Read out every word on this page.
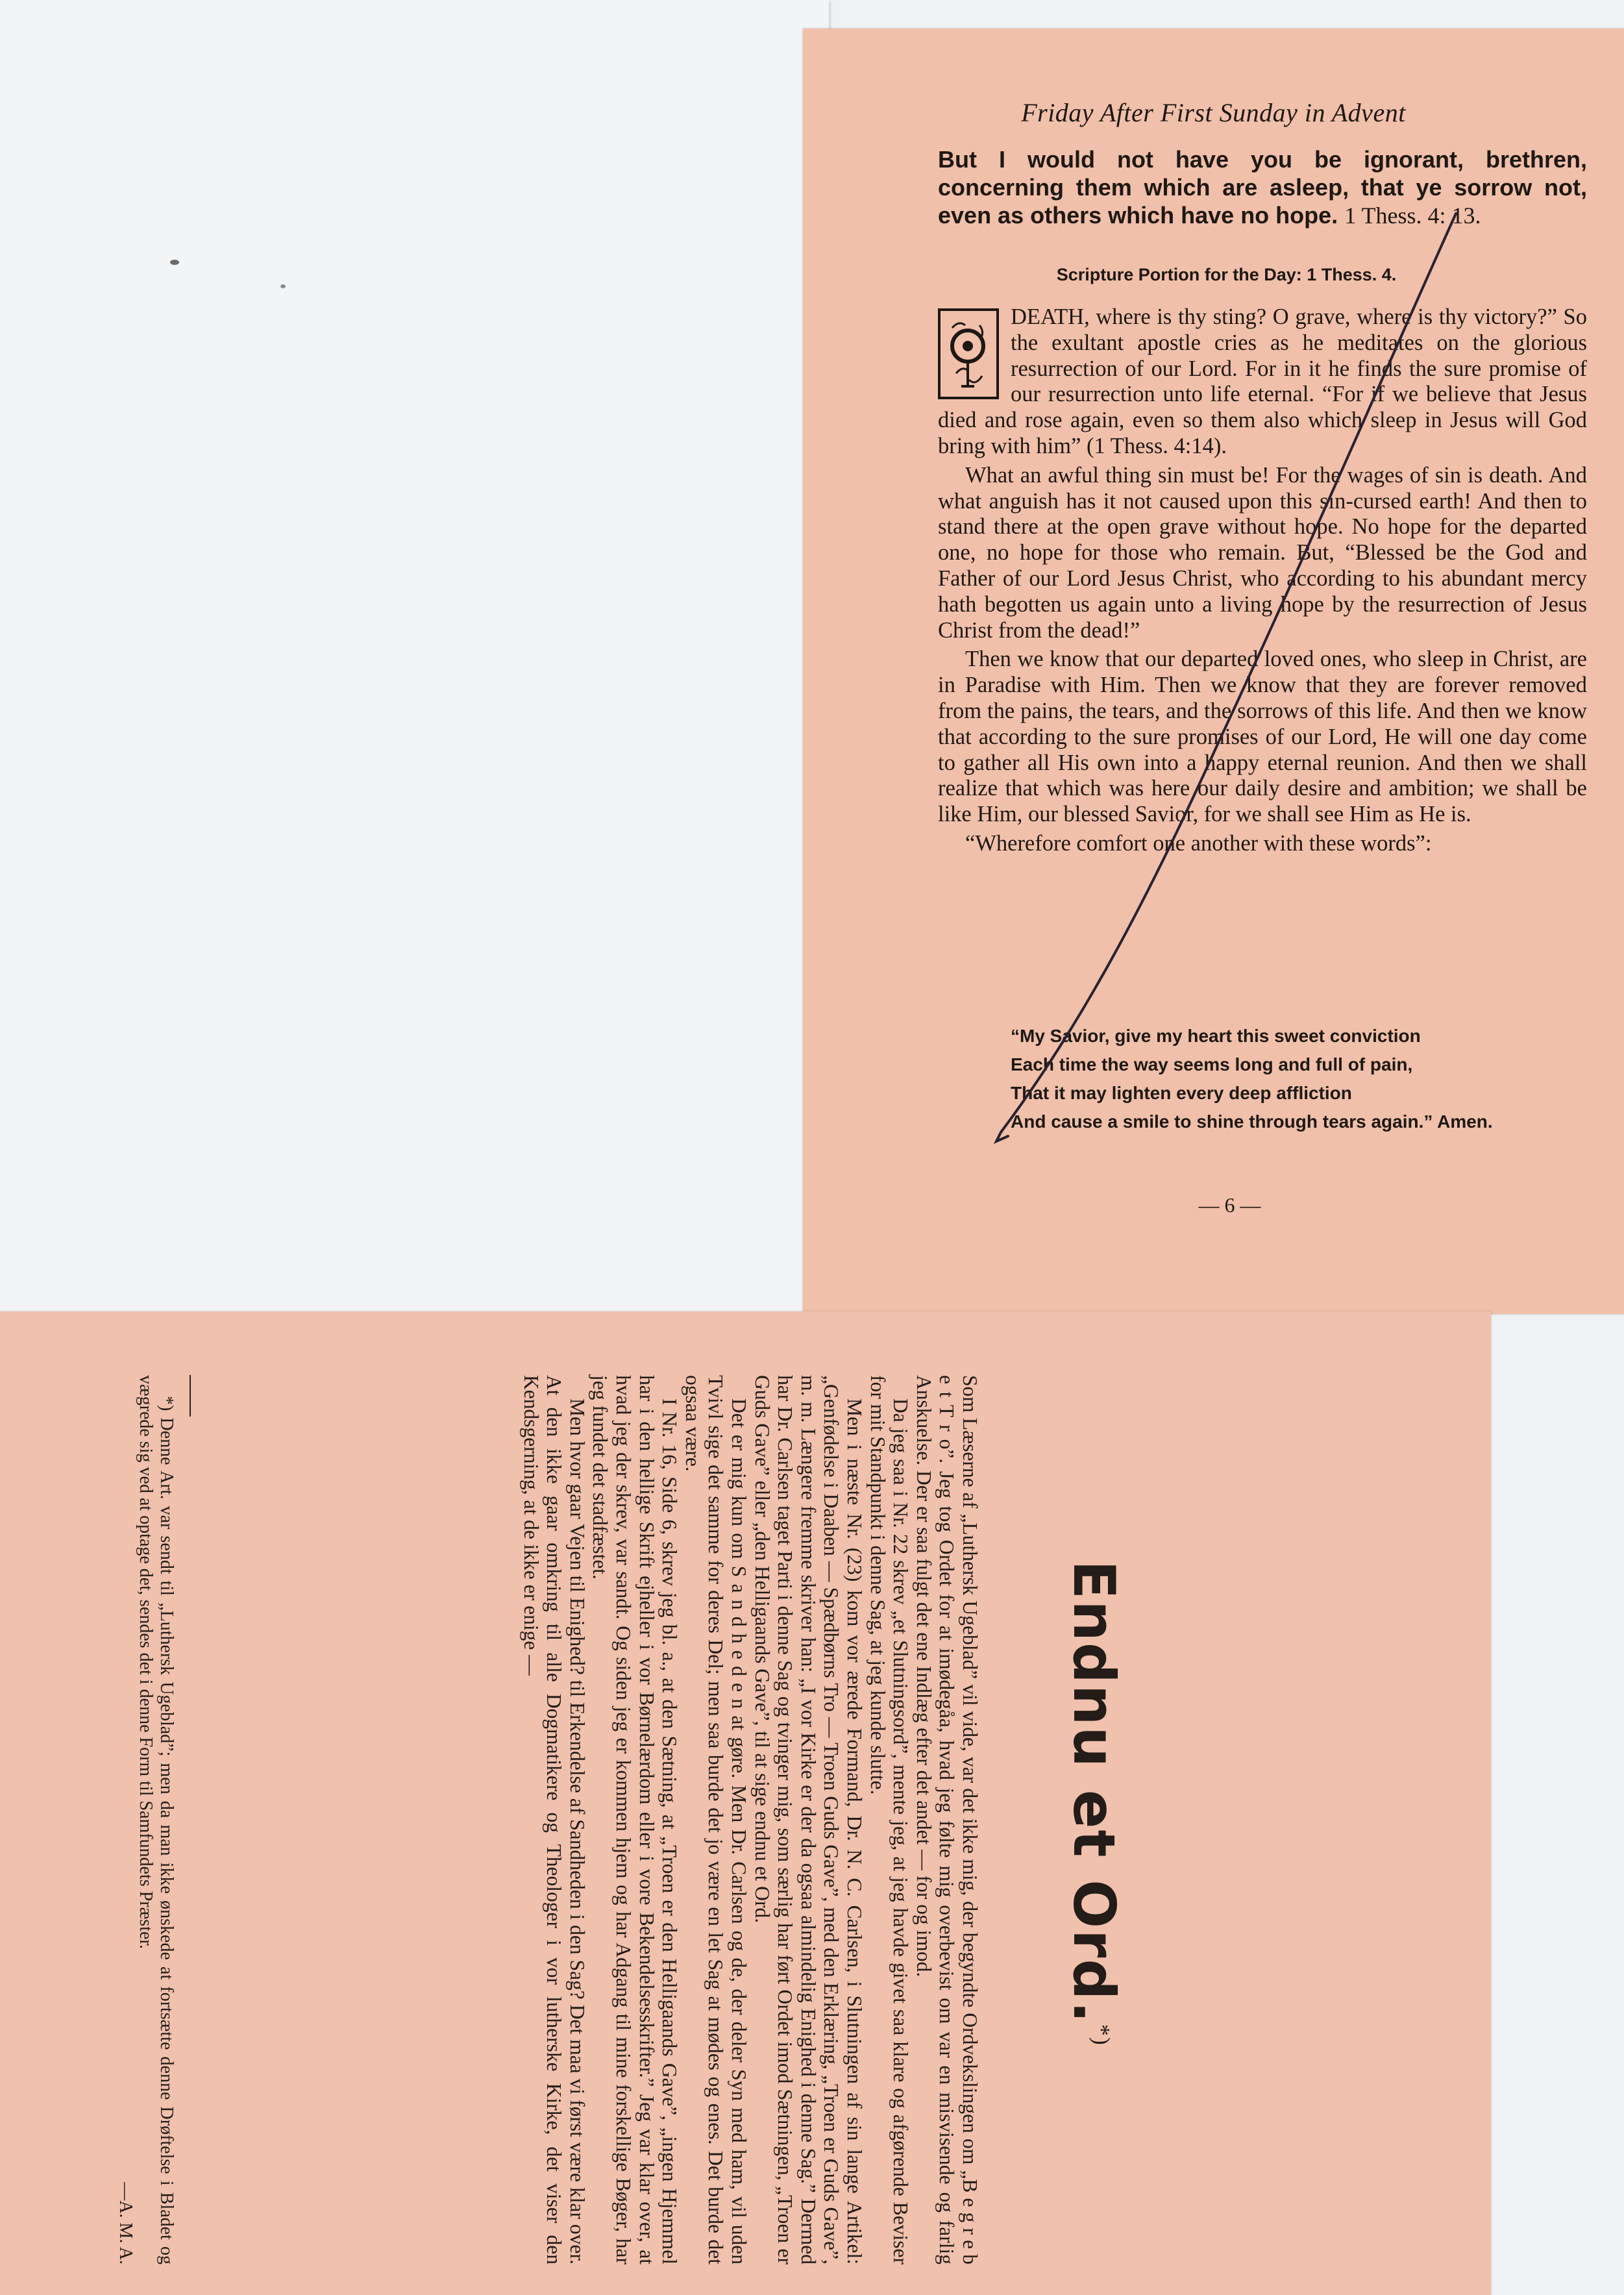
Friday After First Sunday in Advent
But I would not have you be ignorant, brethren, concerning them which are asleep, that ye sorrow not, even as others which have no hope. 1 Thess. 4: 13.
Scripture Portion for the Day: 1 Thess. 4.

DEATH, where is thy sting? O grave, where is thy victory?” So the exultant apostle cries as he meditates on the glorious resurrection of our Lord. For in it he finds the sure promise of our resurrection unto life eternal. “For if we believe that Jesus died and rose again, even so them also which sleep in Jesus will God bring with him” (1 Thess. 4:14).

What an awful thing sin must be! For the wages of sin is death. And what anguish has it not caused upon this sin-cursed earth! And then to stand there at the open grave without hope. No hope for the departed one, no hope for those who remain. But, “Blessed be the God and Father of our Lord Jesus Christ, who according to his abundant mercy hath begotten us again unto a living hope by the resurrection of Jesus Christ from the dead!”

Then we know that our departed loved ones, who sleep in Christ, are in Paradise with Him. Then we know that they are forever removed from the pains, the tears, and the sorrows of this life. And then we know that according to the sure promises of our Lord, He will one day come to gather all His own into a happy eternal reunion. And then we shall realize that which was here our daily desire and ambition; we shall be like Him, our blessed Savior, for we shall see Him as He is.

“Wherefore comfort one another with these words”:

“My Savior, give my heart this sweet conviction
Each time the way seems long and full of pain,
That it may lighten every deep affliction
And cause a smile to shine through tears again.” Amen.
— 6 —
Endnu et Ord.*)

Som Læserne af „Luthersk Ugeblad” vil vide, var det ikke mig, der begyndte Ordvekslingen om „B e g r e b e t T r o”. Jeg tog Ordet for at imødegåa, hvad jeg følte mig overbevist om var en misvisende og farlig Anskuelse. Der er saa fulgt det ene Indlæg efter det andet — for og imod.

Da jeg saa i Nr. 22 skrev „et Slutningsord”, mente jeg, at jeg havde givet saa klare og afgørende Beviser for mit Standpunkt i denne Sag, at jeg kunde slutte.

Men i næste Nr. (23) kom vor ærede Formand, Dr. N. C. Carlsen, i Slutningen af sin lange Artikel: „Genfødelse i Daaben — Spædbørns Tro — Troen Guds Gave”, med den Erklæring, „Troen er Guds Gave”, m. m. Længere fremme skriver han: „I vor Kirke er der da ogsaa almindelig Enighed i denne Sag.” Dermed har Dr. Carlsen taget Parti i denne Sag og tvinger mig, som særlig har ført Ordet imod Sætningen, „Troen er Guds Gave” eller „den Helligaands Gave”, til at sige endnu et Ord.

Det er mig kun om S a n d h e d e n at gøre. Men Dr. Carlsen og de, der deler Syn med ham, vil uden Tvivl sige det samme for deres Del; men saa burde det jo være en let Sag at mødes og enes. Det burde det ogsaa være.

I Nr. 16, Side 6, skrev jeg bl. a., at den Sætning, at „Troen er den Helligaands Gave”, „ingen Hjemmel har i den hellige Skrift ejheller i vor Børnelærdom eller i vore Bekendelsesskrifter.” Jeg var klar over, at hvad jeg der skrev, var sandt. Og siden jeg er kommen hjem og har Adgang til mine forskellige Bøger, har jeg fundet det stadfæstet.

Men hvor gaar Vejen til Enighed? til Erkendelse af Sandheden i den Sag? Det maa vi først være klar over. At den ikke gaar omkring til alle Dogmatikere og Theologer i vor lutherske Kirke, det viser den Kendsgerning, at de ikke er enige —

*) Denne Art. var sendt til „Luthersk Ugeblad”; men da man ikke ønskede at fortsætte denne Drøftelse i Bladet og vægrede sig ved at optage det, sendes det i denne Form til Samfundets Præster.

—A. M. A.
